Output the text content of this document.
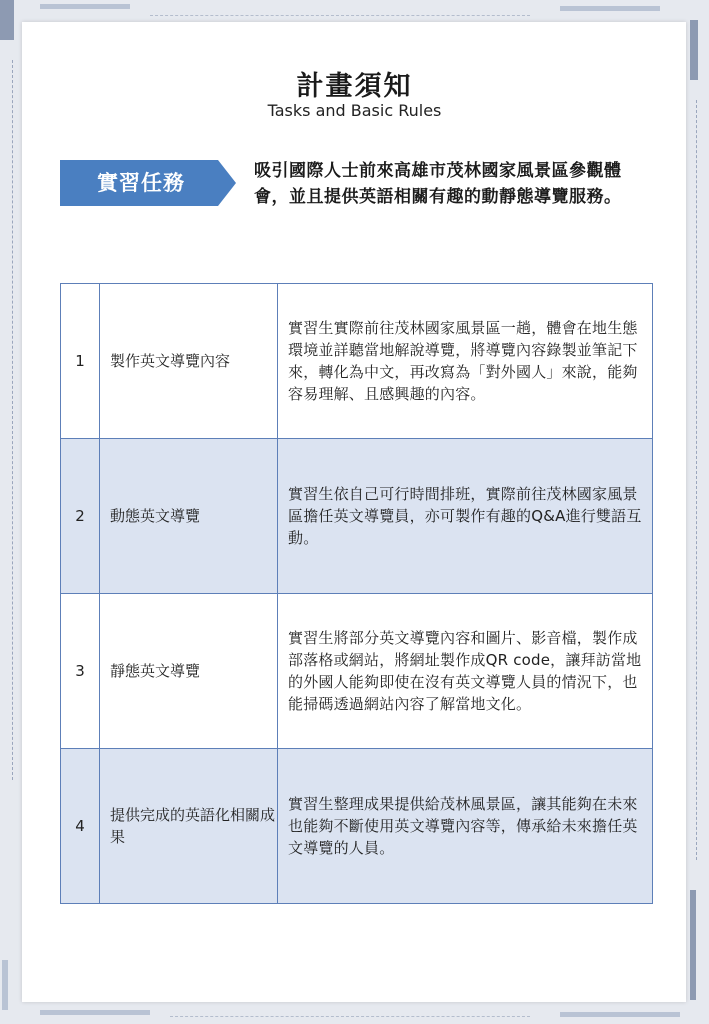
計畫須知
Tasks and Basic Rules
實習任務	吸引國際人士前來高雄市茂林國家風景區參觀體會，並且提供英語相關有趣的動靜態導覽服務。
1	製作英文導覽內容	實習生實際前往茂林國家風景區一趟，體會在地生態環境並詳聽當地解說導覽，將導覽內容錄製並筆記下來，轉化為中文，再改寫為「對外國人」來說，能夠容易理解、且感興趣的內容。
2	動態英文導覽	實習生依自己可行時間排班，實際前往茂林國家風景區擔任英文導覽員，亦可製作有趣的Q&A進行雙語互動。
3	靜態英文導覽	實習生將部分英文導覽內容和圖片、影音檔，製作成部落格或網站，將網址製作成QR code，讓拜訪當地的外國人能夠即使在沒有英文導覽人員的情況下，也能掃碼透過網站內容了解當地文化。
4	提供完成的英語化相關成果	實習生整理成果提供給茂林風景區，讓其能夠在未來也能夠不斷使用英文導覽內容等，傳承給未來擔任英文導覽的人員。
